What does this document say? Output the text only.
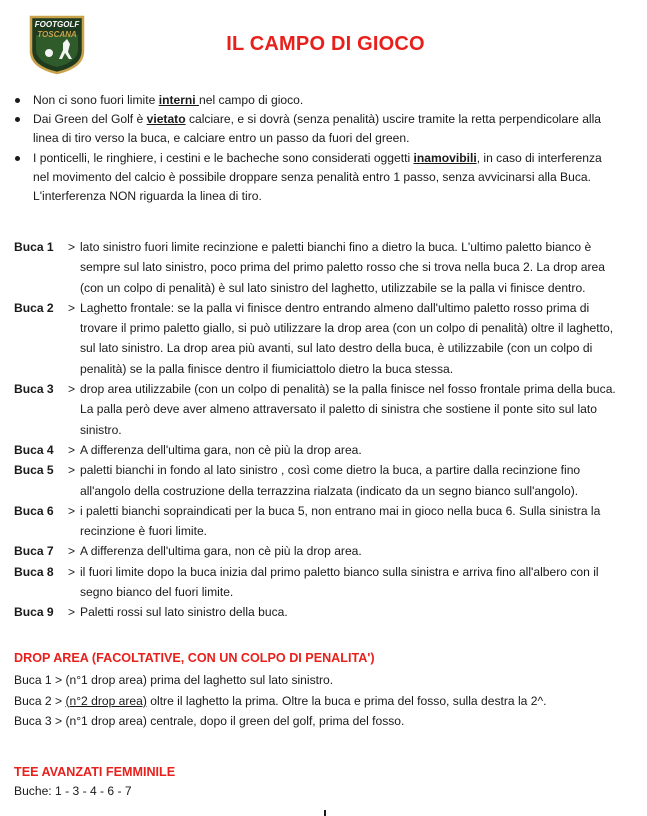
FOOTGOLF
TOSCANA	IL CAMPO DI GIOCO
Non ci sono fuori limite interni nel campo di gioco.
Dai Green del Golf è vietato calciare, e si dovrà (senza penalità) uscire tramite la retta perpendicolare alla linea di tiro verso la buca, e calciare entro un passo da fuori del green.
I ponticelli, le ringhiere, i cestini e le bacheche sono considerati oggetti inamovibili, in caso di interferenza nel movimento del calcio è possibile droppare senza penalità entro 1 passo, senza avvicinarsi alla Buca. L'interferenza NON riguarda la linea di tiro.
Buca 1	> lato sinistro fuori limite recinzione e paletti bianchi fino a dietro la buca. L'ultimo paletto bianco è sempre sul lato sinistro, poco prima del primo paletto rosso che si trova nella buca 2. La drop area (con un colpo di penalità) è sul lato sinistro del laghetto, utilizzabile se la palla vi finisce dentro.
Buca 2	> Laghetto frontale: se la palla vi finisce dentro entrando almeno dall'ultimo paletto rosso prima di trovare il primo paletto giallo, si può utilizzare la drop area (con un colpo di penalità) oltre il laghetto, sul lato sinistro. La drop area più avanti, sul lato destro della buca, è utilizzabile (con un colpo di penalità) se la palla finisce dentro il fiumiciattolo dietro la buca stessa.
Buca 3	> drop area utilizzabile (con un colpo di penalità) se la palla finisce nel fosso frontale prima della buca. La palla però deve aver almeno attraversato il paletto di sinistra che sostiene il ponte sito sul lato sinistro.
Buca 4	> A differenza dell'ultima gara, non cè più la drop area.
Buca 5	> paletti bianchi in fondo al lato sinistro , così come dietro la buca, a partire dalla recinzione fino all'angolo della costruzione della terrazzina rialzata (indicato da un segno bianco sull'angolo).
Buca 6	> i paletti bianchi sopraindicati per la buca 5, non entrano mai in gioco nella buca 6. Sulla sinistra la recinzione è fuori limite.
Buca 7	> A differenza dell'ultima gara, non cè più la drop area.
Buca 8	> il fuori limite dopo la buca inizia dal primo paletto bianco sulla sinistra e arriva fino all'albero con il segno bianco del fuori limite.
Buca 9	> Paletti rossi sul lato sinistro della buca.
DROP AREA (FACOLTATIVE, CON UN COLPO DI PENALITA')
Buca 1 > (n°1 drop area) prima del laghetto sul lato sinistro.
Buca 2 > (n°2 drop area) oltre il laghetto la prima. Oltre la buca e prima del fosso, sulla destra la 2^.
Buca 3 > (n°1 drop area) centrale, dopo il green del golf, prima del fosso.
TEE AVANZATI FEMMINILE
Buche: 1 - 3 - 4 - 6 - 7
